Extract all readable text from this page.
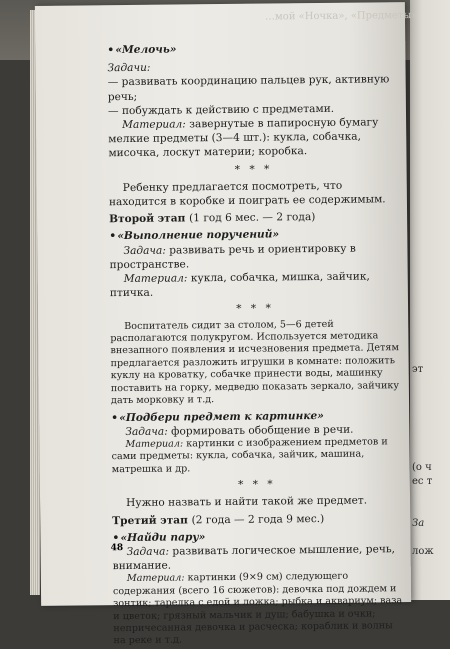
эт
(о ч
ес т
За
лож
…мой «Ночка», «Предметы»

•«Мелочь»

Задачи:

— развивать координацию пальцев рук, активную речь;

— побуждать к действию с предметами.

Материал: завернутые в папиросную бумагу мелкие предметы (3—4 шт.): кукла, собачка, мисочка, лоскут материи; коробка.

* * *

Ребенку предлагается посмотреть, что находится в коробке и поиграть ее содержимым.

Второй этап (1 год 6 мес. — 2 года)

•«Выполнение поручений»

Задача: развивать речь и ориентировку в пространстве.

Материал: кукла, собачка, мишка, зайчик, птичка.

* * *

Воспитатель сидит за столом, 5—6 детей располагаются полукругом. Используется методика внезапного появления и исчезновения предмета. Детям предлагается разложить игрушки в комнате: положить куклу на кроватку, собачке принести воды, машинку поставить на горку, медведю показать зеркало, зайчику дать морковку и т.д.

•«Подбери предмет к картинке»

Задача: формировать обобщение в речи.

Материал: картинки с изображением предметов и сами предметы: кукла, собачка, зайчик, машина, матрешка и др.

* * *

Нужно назвать и найти такой же предмет.

Третий этап (2 года — 2 года 9 мес.)

•«Найди пару»

Задача: развивать логическое мышление, речь, внимание.

Материал: картинки (9×9 см) следующего содержания (всего 16 сюжетов): девочка под дождем и зонтик; тарелка с едой и ложка; рыбка и аквариум; ваза и цветок; грязный мальчик и душ; бабушка и очки; непричесанная девочка и расческа; кораблик и волны на реке и т.д.

48
